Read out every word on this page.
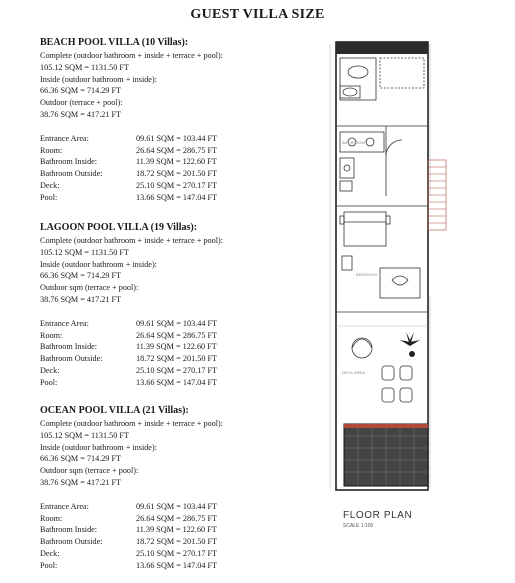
GUEST VILLA SIZE
BEACH POOL VILLA (10 Villas):
Complete (outdoor bathroom + inside + terrace + pool):
105.12 SQM = 1131.50 FT
Inside (outdoor bathroom + inside):
66.36 SQM = 714.29 FT
Outdoor (terrace + pool):
38.76 SQM = 417.21 FT
Entrance Area:	09.61 SQM = 103.44 FT
Room:	26.64 SQM = 286.75 FT
Bathroom Inside:	11.39 SQM = 122.60 FT
Bathroom Outside:	18.72 SQM = 201.50 FT
Deck:	25.10 SQM = 270.17 FT
Pool:	13.66 SQM = 147.04 FT
LAGOON POOL VILLA (19 Villas):
Complete (outdoor bathroom + inside + terrace + pool):
105.12 SQM = 1131.50 FT
Inside (outdoor bathroom + inside):
66.36 SQM = 714.29 FT
Outdoor sqm (terrace + pool):
38.76 SQM = 417.21 FT
Entrance Area:	09.61 SQM = 103.44 FT
Room:	26.64 SQM = 286.75 FT
Bathroom Inside:	11.39 SQM = 122.60 FT
Bathroom Outside:	18.72 SQM = 201.50 FT
Deck:	25.10 SQM = 270.17 FT
Pool:	13.66 SQM = 147.04 FT
OCEAN POOL VILLA (21 Villas):
Complete (outdoor bathroom + inside + terrace + pool):
105.12 SQM = 1131.50 FT
Inside (outdoor bathroom + inside):
66.36 SQM = 714.29 FT
Outdoor sqm (terrace + pool):
38.76 SQM = 417.21 FT
Entrance Area:	09.61 SQM = 103.44 FT
Room:	26.64 SQM = 286.75 FT
Bathroom Inside:	11.39 SQM = 122.60 FT
Bathroom Outside:	18.72 SQM = 201.50 FT
Deck:	25.10 SQM = 270.17 FT
Pool:	13.66 SQM = 147.04 FT
BATHROOM
BEDROOM
DECK AREA
FLOOR PLAN
SCALE 1:100
